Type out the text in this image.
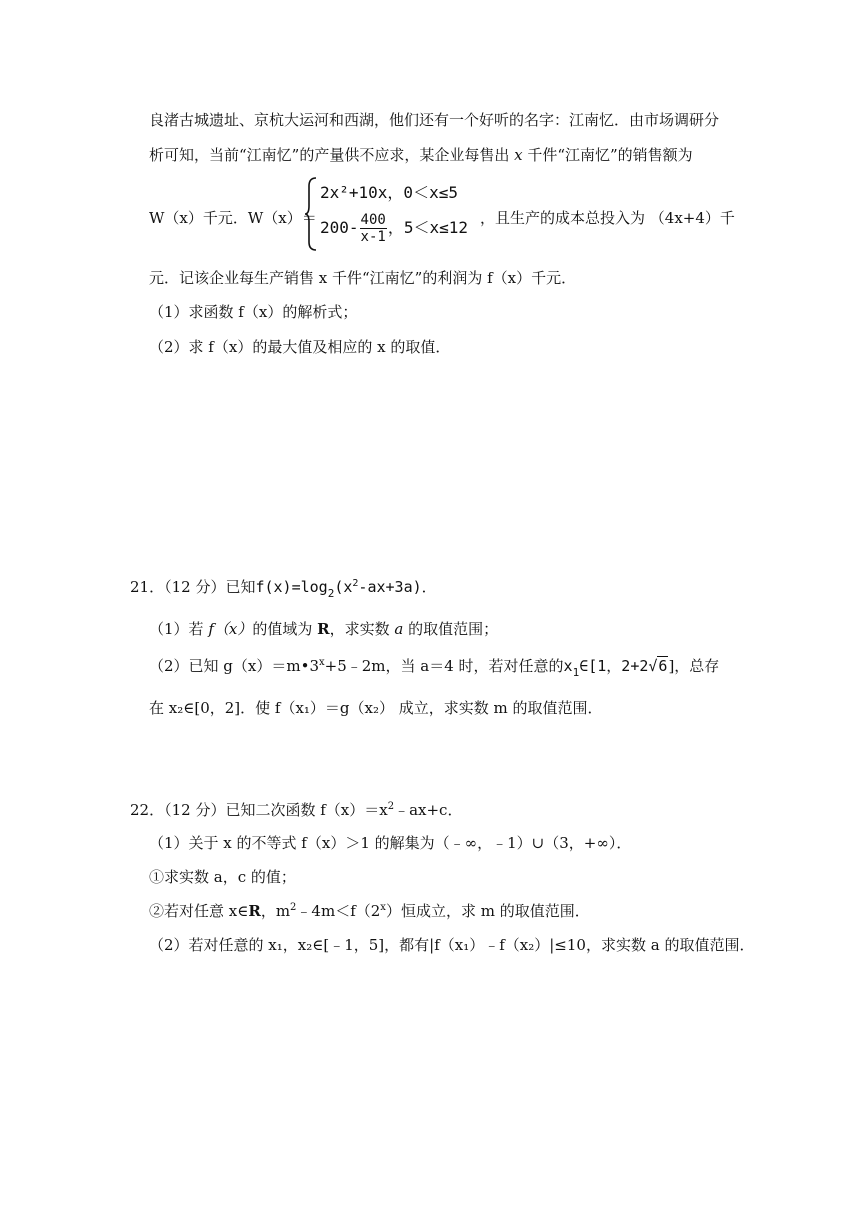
良渚古城遗址、京杭大运河和西湖，他们还有一个好听的名字：江南忆．由市场调研分
析可知，当前“江南忆”的产量供不应求，某企业每售出 x 千件“江南忆”的销售额为
W（x）千元．W（x）＝
2x²+10x，0＜x≤5
$200- \frac{400}{x-1}$ ，5＜x≤12 ，且生产的成本总投入为 （4x+4）千
元．记该企业每生产销售 x 千件“江南忆”的利润为 f（x）千元．
（1）求函数 f（x）的解析式；
（2）求 f（x）的最大值及相应的 x 的取值．
21．（12 分）已知$f(x)=\log_2(x^2-ax+3a)$．
（1）若 f（x）的值域为 R，求实数 a 的取值范围；
（2）已知 $g(x)=m•3^x+5﹣2m$，当 a＝4 时，若对任意的$x_1\in[1$，2+2√6]，总存
在 x₂∈[0，2]．使 f（x₁）＝g（x₂） 成立，求实数 m 的取值范围．
22．（12 分）已知二次函数 $f(x)=x^2﹣ax+c$．
（1）关于 x 的不等式 f（x）＞1 的解集为（﹣∞，﹣1）∪（3，+∞）．
①求实数 a，c 的值；
②若对任意 x∈R，$m^2﹣4m<f(2^x)$恒成立，求 m 的取值范围．
（2）若对任意的 x₁，x₂∈[﹣1，5]，都有|f（x₁）﹣f（x₂）|≤10，求实数 a 的取值范围．
